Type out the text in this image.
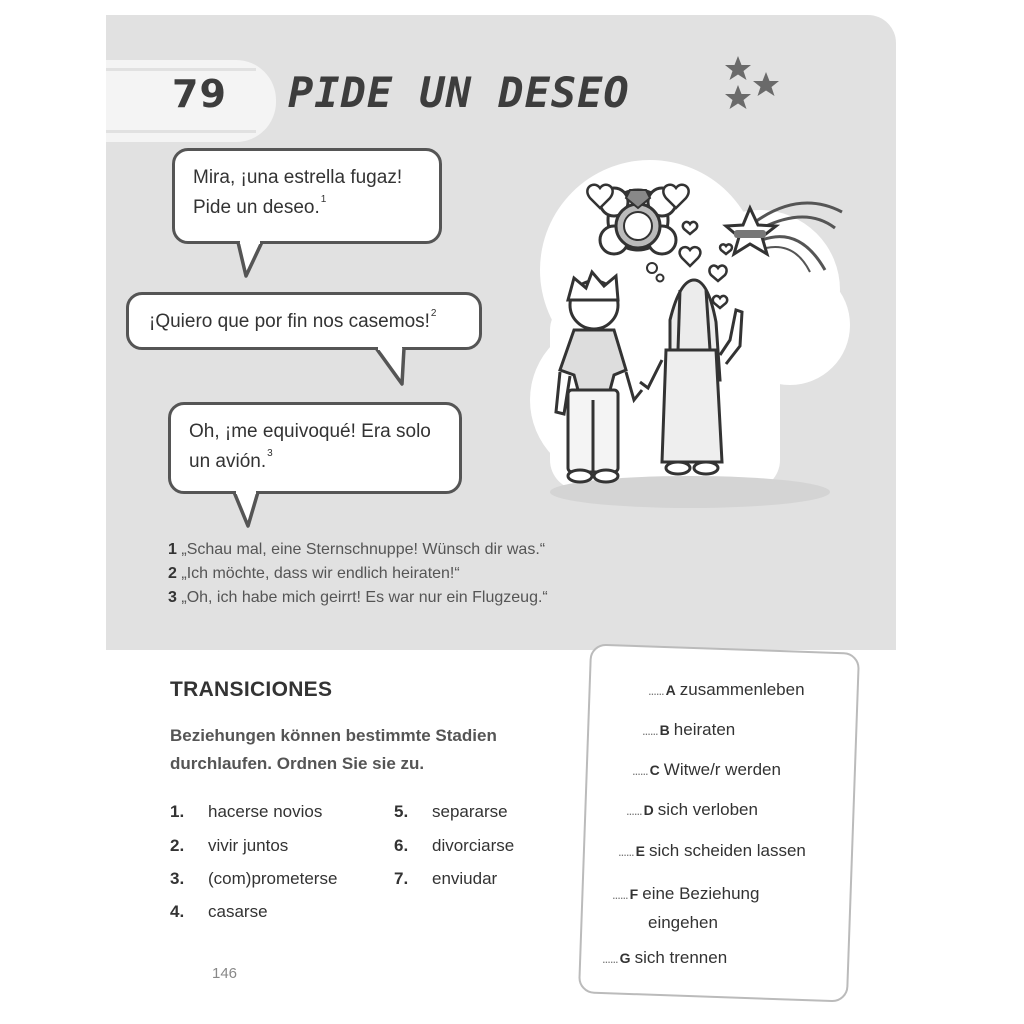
79 PIDE UN DESEO
Mira, ¡una estrella fugaz!
Pide un deseo.$^1$
¡Quiero que por fin nos casemos!$^2$
Oh, ¡me equivoqué! Era solo
un avión.$^3$
1 „Schau mal, eine Sternschnuppe! Wünsch dir was.“
2 „Ich möchte, dass wir endlich heiraten!“
3 „Oh, ich habe mich geirrt! Es war nur ein Flugzeug.“
TRANSICIONES
Beziehungen können bestimmte Stadien
durchlaufen. Ordnen Sie sie zu.
1. hacerse novios
2. vivir juntos
3. (com)prometerse
4. casarse
5. separarse
6. divorciarse
7. enviudar
146
...... A zusammenleben
...... B heiraten
...... C Witwe/r werden
...... D sich verloben
...... E sich scheiden lassen
...... F eine Beziehung
eingehen
...... G sich trennen
